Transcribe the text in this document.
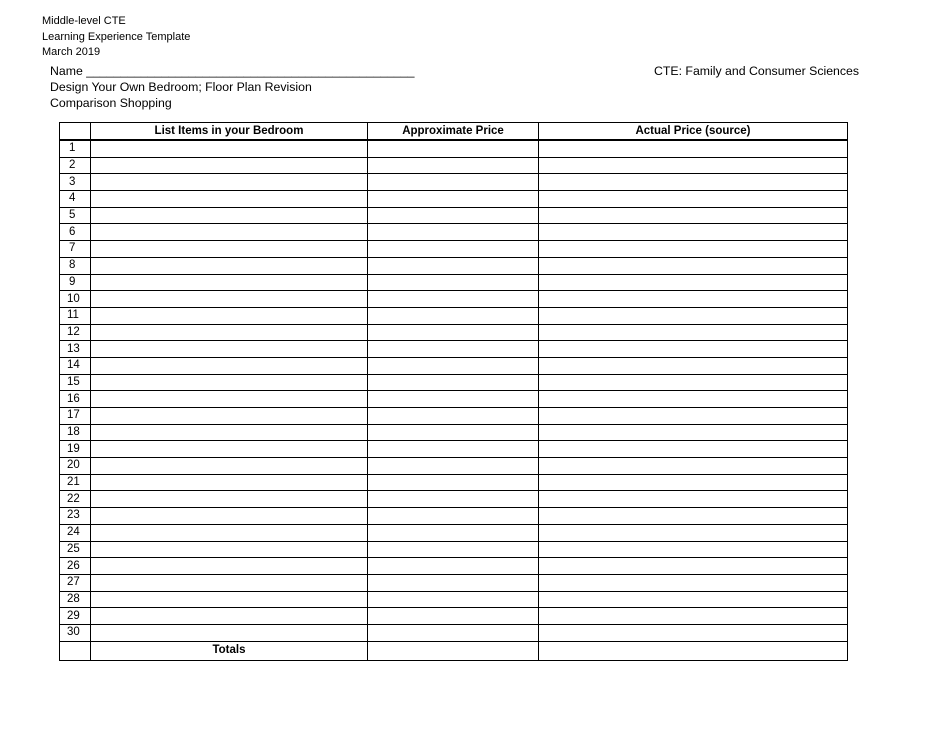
Middle-level CTE
Learning Experience Template
March 2019
Name ________________________________________________	CTE: Family and Consumer Sciences
Design Your Own Bedroom; Floor Plan Revision
Comparison Shopping
	List Items in your Bedroom	Approximate Price	Actual Price (source)
1			
2			
3			
4			
5			
6			
7			
8			
9			
10			
11			
12			
13			
14			
15			
16			
17			
18			
19			
20			
21			
22			
23			
24			
25			
26			
27			
28			
29			
30			
	Totals		
